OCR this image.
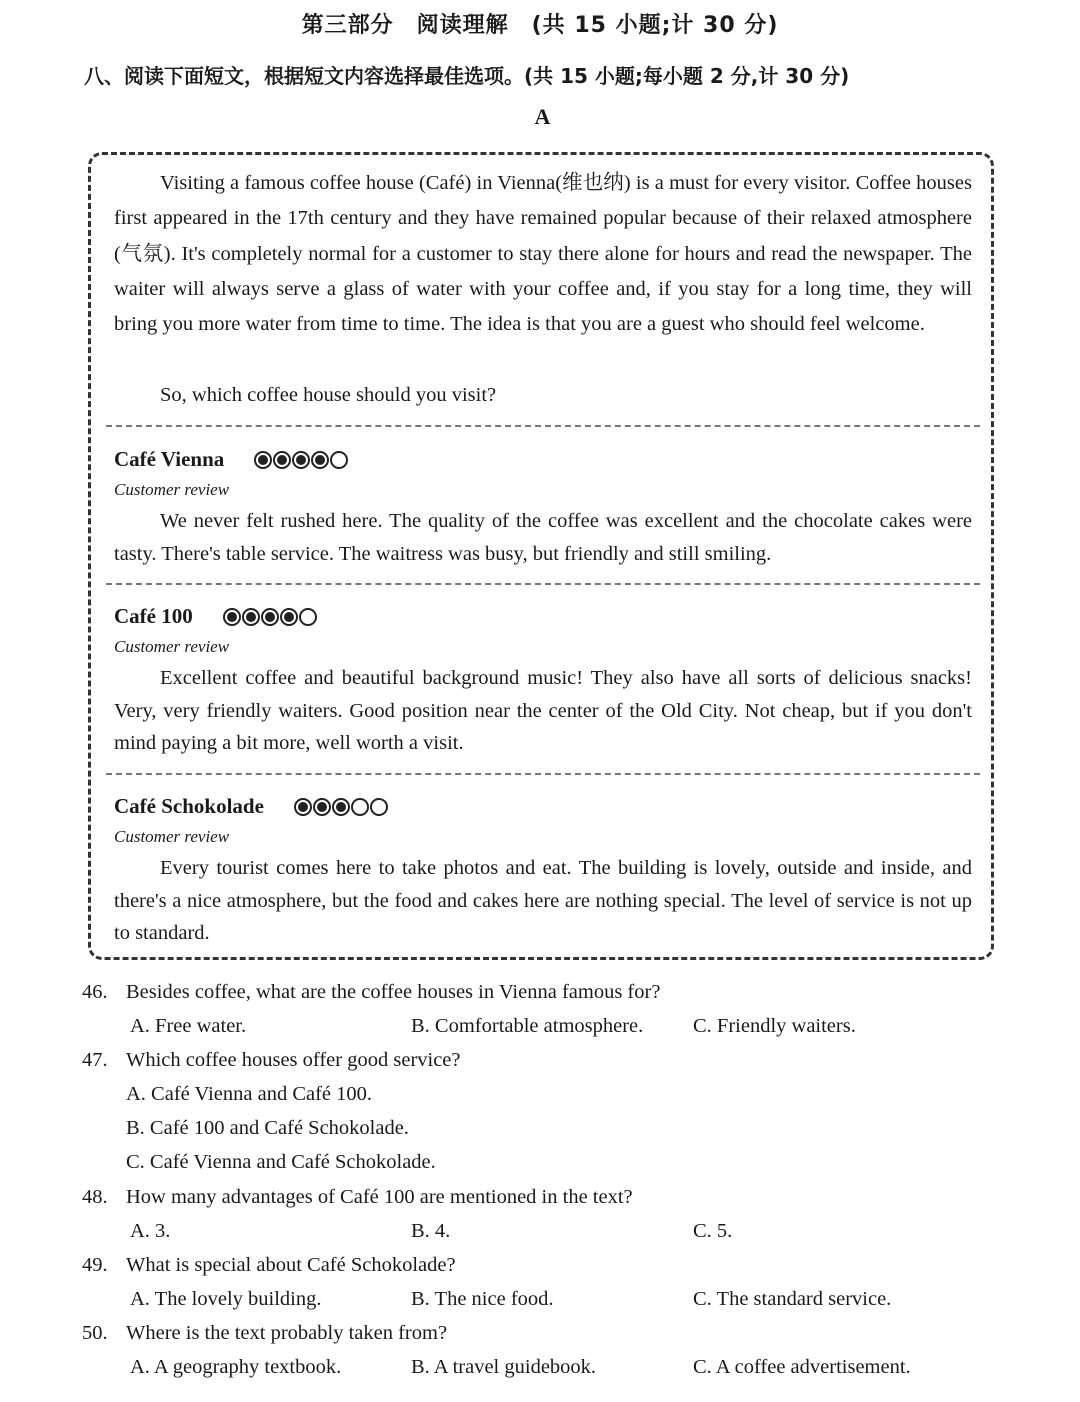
第三部分　阅读理解　(共 15 小题;计 30 分)
八、阅读下面短文，根据短文内容选择最佳选项。(共 15 小题;每小题 2 分,计 30 分)
A
Visiting a famous coffee house (Café) in Vienna(维也纳) is a must for every visitor. Coffee houses first appeared in the 17th century and they have remained popular because of their relaxed atmosphere (气氛). It's completely normal for a customer to stay there alone for hours and read the newspaper. The waiter will always serve a glass of water with your coffee and, if you stay for a long time, they will bring you more water from time to time. The idea is that you are a guest who should feel welcome.
So, which coffee house should you visit?
Café Vienna
Customer review
We never felt rushed here. The quality of the coffee was excellent and the chocolate cakes were tasty. There's table service. The waitress was busy, but friendly and still smiling.
Café 100
Customer review
Excellent coffee and beautiful background music! They also have all sorts of delicious snacks! Very, very friendly waiters. Good position near the center of the Old City. Not cheap, but if you don't mind paying a bit more, well worth a visit.
Café Schokolade
Customer review
Every tourist comes here to take photos and eat. The building is lovely, outside and inside, and there's a nice atmosphere, but the food and cakes here are nothing special. The level of service is not up to standard.
46. Besides coffee, what are the coffee houses in Vienna famous for?
A. Free water.	B. Comfortable atmosphere. C. Friendly waiters.
47. Which coffee houses offer good service?
A. Café Vienna and Café 100.
B. Café 100 and Café Schokolade.
C. Café Vienna and Café Schokolade.
48. How many advantages of Café 100 are mentioned in the text?
A. 3.	B. 4.	C. 5.
49. What is special about Café Schokolade?
A. The lovely building.	B. The nice food.	C. The standard service.
50. Where is the text probably taken from?
A. A geography textbook.	B. A travel guidebook.	C. A coffee advertisement.
